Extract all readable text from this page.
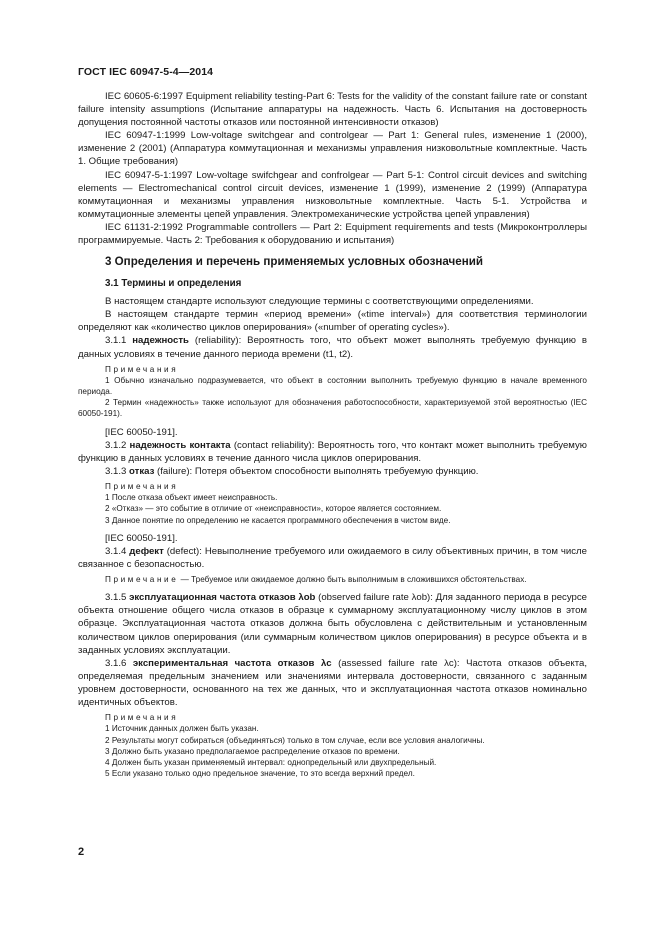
ГОСТ IEC 60947-5-4—2014

IEC 60605-6:1997 Equipment reliability testing-Part 6: Tests for the validity of the constant failure rate or constant failure intensity assumptions (Испытание аппаратуры на надежность. Часть 6. Испытания на достоверность допущения постоянной частоты отказов или постоянной интенсивности отказов)

IEC 60947-1:1999 Low-voltage switchgear and controlgear — Part 1: General rules, изменение 1 (2000), изменение 2 (2001) (Аппаратура коммутационная и механизмы управления низковольтные комплектные. Часть 1. Общие требования)

IEC 60947-5-1:1997 Low-voltage swifchgear and confrolgear — Part 5-1: Control circuit devices and switching elements — Electromechanical control circuit devices, изменение 1 (1999), изменение 2 (1999) (Аппаратура коммутационная и механизмы управления низковольтные комплектные. Часть 5-1. Устройства и коммутационные элементы цепей управления. Электромеханические устройства цепей управления)

IEC 61131-2:1992 Programmable controllers — Part 2: Equipment requirements and tests (Микроконтроллеры программируемые. Часть 2: Требования к оборудованию и испытания)

3 Определения и перечень применяемых условных обозначений

3.1 Термины и определения

В настоящем стандарте используют следующие термины с соответствующими определениями.

В настоящем стандарте термин «период времени» («time interval») для соответствия терминологии определяют как «количество циклов оперирования» («number of operating cycles»).

3.1.1 надежность (reliability): Вероятность того, что объект может выполнять требуемую функцию в данных условиях в течение данного периода времени (t1, t2).

Примечания

1 Обычно изначально подразумевается, что объект в состоянии выполнить требуемую функцию в начале временного периода.

2 Термин «надежность» также используют для обозначения работоспособности, характеризуемой этой вероятностью (IEC 60050-191).

[IEC 60050-191].

3.1.2 надежность контакта (contact reliability): Вероятность того, что контакт может выполнить требуемую функцию в данных условиях в течение данного числа циклов оперирования.

3.1.3 отказ (failure): Потеря объектом способности выполнять требуемую функцию.

Примечания

1 После отказа объект имеет неисправность.

2 «Отказ» — это событие в отличие от «неисправности», которое является состоянием.

3 Данное понятие по определению не касается программного обеспечения в чистом виде.

[IEC 60050-191].

3.1.4 дефект (defect): Невыполнение требуемого или ожидаемого в силу объективных причин, в том числе связанное с безопасностью.

Примечание — Требуемое или ожидаемое должно быть выполнимым в сложившихся обстоятельствах.

3.1.5 эксплуатационная частота отказов λob (observed failure rate λob): Для заданного периода в ресурсе объекта отношение общего числа отказов в образце к суммарному эксплуатационному числу циклов в этом образце. Эксплуатационная частота отказов должна быть обусловлена с действительным и установленным количеством циклов оперирования (или суммарным количеством циклов оперирования) в ресурсе объекта и в заданных условиях эксплуатации.

3.1.6 экспериментальная частота отказов λc (assessed failure rate λc): Частота отказов объекта, определяемая предельным значением или значениями интервала достоверности, связанного с заданным уровнем достоверности, основанного на тех же данных, что и эксплуатационная частота отказов номинально идентичных объектов.

Примечания

1 Источник данных должен быть указан.

2 Результаты могут собираться (объединяться) только в том случае, если все условия аналогичны.

3 Должно быть указано предполагаемое распределение отказов по времени.

4 Должен быть указан применяемый интервал: однопредельный или двухпредельный.

5 Если указано только одно предельное значение, то это всегда верхний предел.

2
